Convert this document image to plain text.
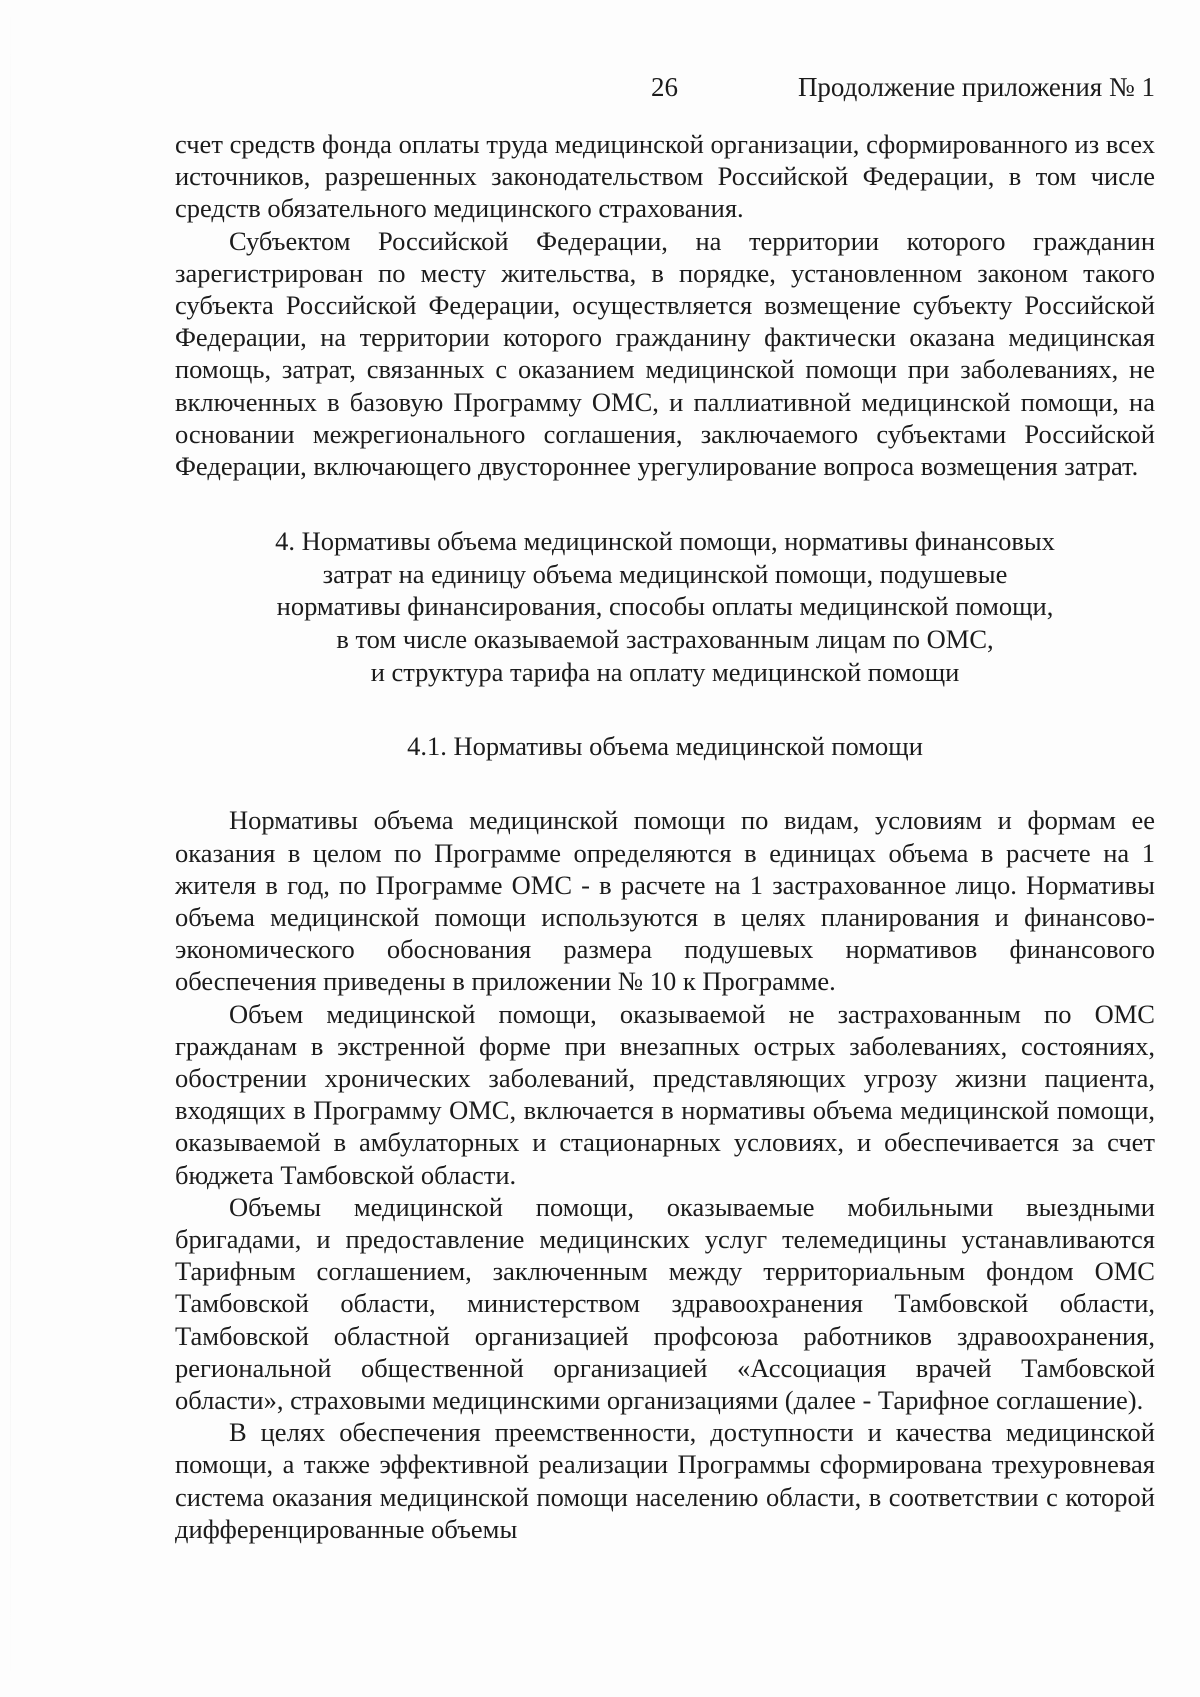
26	Продолжение приложения № 1

счет средств фонда оплаты труда медицинской организации, сформированного из всех источников, разрешенных законодательством Российской Федерации, в том числе средств обязательного медицинского страхования.

Субъектом Российской Федерации, на территории которого гражданин зарегистрирован по месту жительства, в порядке, установленном законом такого субъекта Российской Федерации, осуществляется возмещение субъекту Российской Федерации, на территории которого гражданину фактически оказана медицинская помощь, затрат, связанных с оказанием медицинской помощи при заболеваниях, не включенных в базовую Программу ОМС, и паллиативной медицинской помощи, на основании межрегионального соглашения, заключаемого субъектами Российской Федерации, включающего двустороннее урегулирование вопроса возмещения затрат.

4. Нормативы объема медицинской помощи, нормативы финансовых
затрат на единицу объема медицинской помощи, подушевые
нормативы финансирования, способы оплаты медицинской помощи,
в том числе оказываемой застрахованным лицам по ОМС,
и структура тарифа на оплату медицинской помощи
4.1. Нормативы объема медицинской помощи

Нормативы объема медицинской помощи по видам, условиям и формам ее оказания в целом по Программе определяются в единицах объема в расчете на 1 жителя в год, по Программе ОМС - в расчете на 1 застрахованное лицо. Нормативы объема медицинской помощи используются в целях планирования и финансово-экономического обоснования размера подушевых нормативов финансового обеспечения приведены в приложении № 10 к Программе.

Объем медицинской помощи, оказываемой не застрахованным по ОМС гражданам в экстренной форме при внезапных острых заболеваниях, состояниях, обострении хронических заболеваний, представляющих угрозу жизни пациента, входящих в Программу ОМС, включается в нормативы объема медицинской помощи, оказываемой в амбулаторных и стационарных условиях, и обеспечивается за счет бюджета Тамбовской области.

Объемы медицинской помощи, оказываемые мобильными выездными бригадами, и предоставление медицинских услуг телемедицины устанавливаются Тарифным соглашением, заключенным между территориальным фондом ОМС Тамбовской области, министерством здравоохранения Тамбовской области, Тамбовской областной организацией профсоюза работников здравоохранения, региональной общественной организацией «Ассоциация врачей Тамбовской области», страховыми медицинскими организациями (далее - Тарифное соглашение).

В целях обеспечения преемственности, доступности и качества медицинской помощи, а также эффективной реализации Программы сформирована трехуровневая система оказания медицинской помощи населению области, в соответствии с которой дифференцированные объемы
